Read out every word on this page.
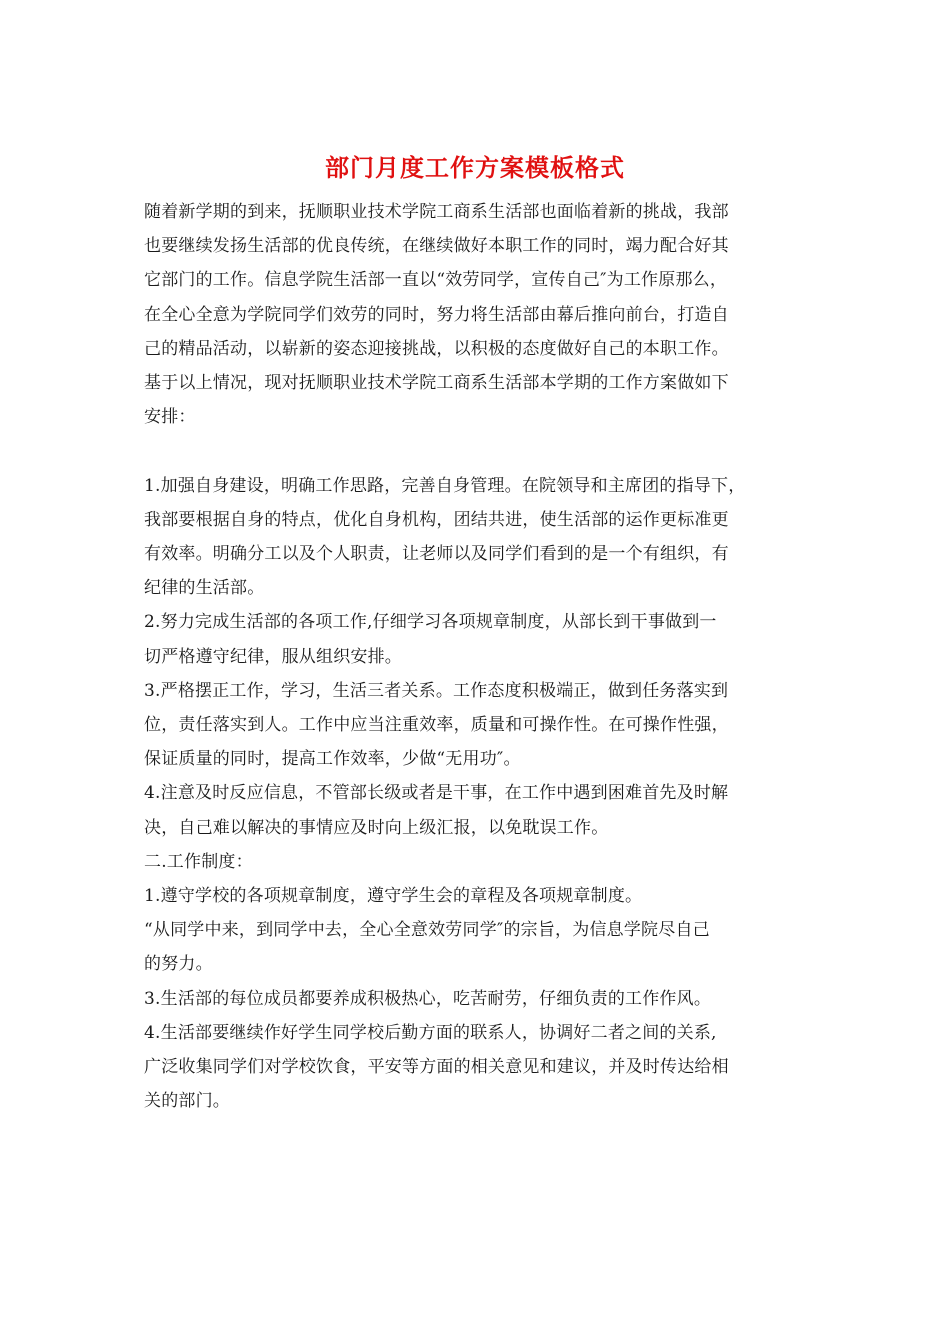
部门月度工作方案模板格式
随着新学期的到来，抚顺职业技术学院工商系生活部也面临着新的挑战，我部
也要继续发扬生活部的优良传统，在继续做好本职工作的同时，竭力配合好其
它部门的工作。信息学院生活部一直以“效劳同学，宣传自己″为工作原那么，
在全心全意为学院同学们效劳的同时，努力将生活部由幕后推向前台，打造自
己的精品活动，以崭新的姿态迎接挑战，以积极的态度做好自己的本职工作。
基于以上情况，现对抚顺职业技术学院工商系生活部本学期的工作方案做如下
安排：
1.加强自身建设，明确工作思路，完善自身管理。在院领导和主席团的指导下，
我部要根据自身的特点，优化自身机构，团结共进，使生活部的运作更标准更
有效率。明确分工以及个人职责，让老师以及同学们看到的是一个有组织，有
纪律的生活部。
2.努力完成生活部的各项工作,仔细学习各项规章制度，从部长到干事做到一
切严格遵守纪律，服从组织安排。
3.严格摆正工作，学习，生活三者关系。工作态度积极端正，做到任务落实到
位，责任落实到人。工作中应当注重效率，质量和可操作性。在可操作性强，
保证质量的同时，提高工作效率，少做“无用功″。
4.注意及时反应信息，不管部长级或者是干事，在工作中遇到困难首先及时解
决，自己难以解决的事情应及时向上级汇报，以免耽误工作。
二.工作制度：
1.遵守学校的各项规章制度，遵守学生会的章程及各项规章制度。
“从同学中来，到同学中去，全心全意效劳同学″的宗旨，为信息学院尽自己
的努力。
3.生活部的每位成员都要养成积极热心，吃苦耐劳，仔细负责的工作作风。
4.生活部要继续作好学生同学校后勤方面的联系人，协调好二者之间的关系,
广泛收集同学们对学校饮食，平安等方面的相关意见和建议，并及时传达给相
关的部门。
